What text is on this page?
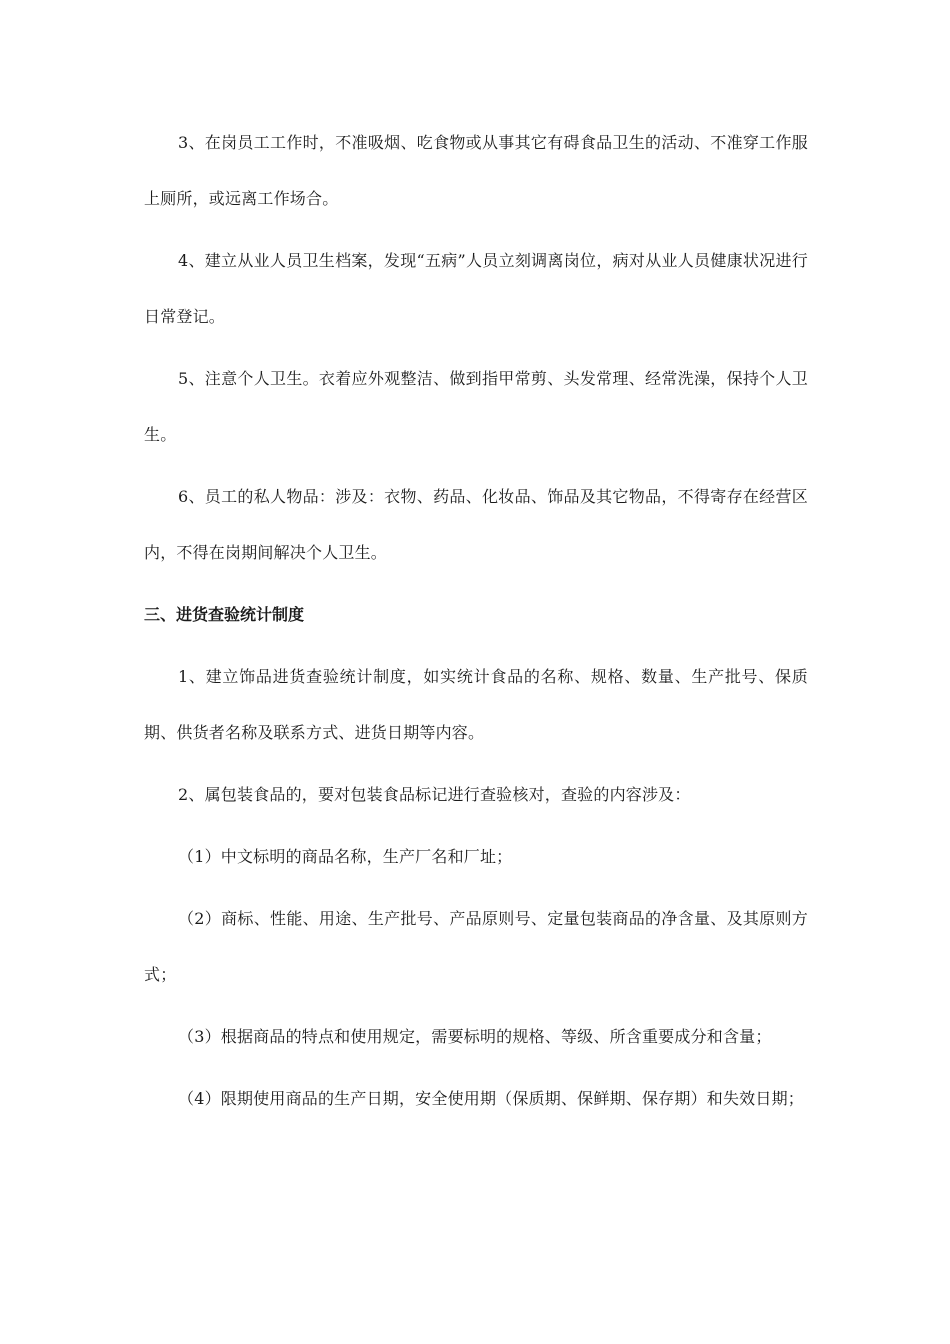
3、在岗员工工作时，不准吸烟、吃食物或从事其它有碍食品卫生的活动、不准穿工作服上厕所，或远离工作场合。

4、建立从业人员卫生档案，发现“五病”人员立刻调离岗位，病对从业人员健康状况进行日常登记。

5、注意个人卫生。衣着应外观整洁、做到指甲常剪、头发常理、经常洗澡，保持个人卫生。

6、员工的私人物品：涉及：衣物、药品、化妆品、饰品及其它物品，不得寄存在经营区内，不得在岗期间解决个人卫生。

三、进货查验统计制度

1、建立饰品进货查验统计制度，如实统计食品的名称、规格、数量、生产批号、保质期、供货者名称及联系方式、进货日期等内容。

2、属包装食品的，要对包装食品标记进行查验核对，查验的内容涉及：

（1）中文标明的商品名称，生产厂名和厂址；

（2）商标、性能、用途、生产批号、产品原则号、定量包装商品的净含量、及其原则方式；

（3）根据商品的特点和使用规定，需要标明的规格、等级、所含重要成分和含量；

（4）限期使用商品的生产日期，安全使用期（保质期、保鲜期、保存期）和失效日期；
